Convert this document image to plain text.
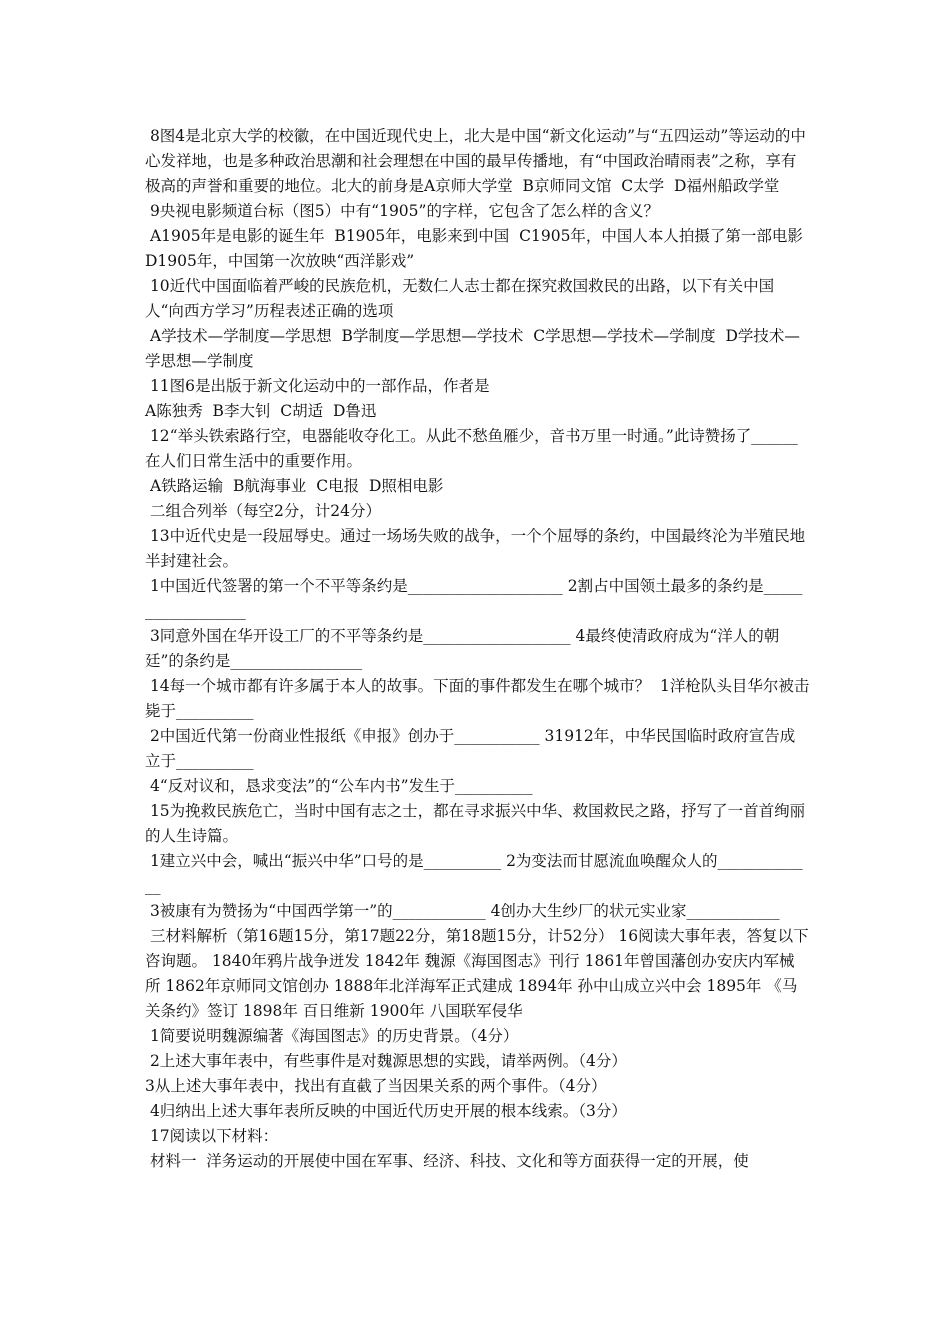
8图4是北京大学的校徽，在中国近现代史上，北大是中国“新文化运动”与“五四运动”等运动的中心发祥地，也是多种政治思潮和社会理想在中国的最早传播地，有“中国政治晴雨表”之称，享有极高的声誉和重要的地位。北大的前身是A京师大学堂  B京师同文馆  C太学  D福州船政学堂

9央视电影频道台标（图5）中有“1905”的字样，它包含了怎么样的含义？

A1905年是电影的诞生年  B1905年，电影来到中国  C1905年，中国人本人拍摄了第一部电影  D1905年，中国第一次放映“西洋影戏”

10近代中国面临着严峻的民族危机，无数仁人志士都在探究救国救民的出路，以下有关中国人“向西方学习”历程表述正确的选项

A学技术—学制度—学思想  B学制度—学思想—学技术  C学思想—学技术—学制度  D学技术—学思想—学制度

11图6是出版于新文化运动中的一部作品，作者是

A陈独秀  B李大钊  C胡适  D鲁迅

12“举头铁索路行空，电器能收夺化工。从此不愁鱼雁少，音书万里一时通。”此诗赞扬了______在人们日常生活中的重要作用。

A铁路运输  B航海事业  C电报  D照相电影

二组合列举（每空2分，计24分）

13中近代史是一段屈辱史。通过一场场失败的战争，一个个屈辱的条约，中国最终沦为半殖民地半封建社会。

1中国近代签署的第一个不平等条约是____________________ 2割占中国领土最多的条约是__________________

3同意外国在华开设工厂的不平等条约是___________________ 4最终使清政府成为“洋人的朝廷”的条约是_________________

14每一个城市都有许多属于本人的故事。下面的事件都发生在哪个城市？  1洋枪队头目华尔被击毙于__________

2中国近代第一份商业性报纸《申报》创办于___________ 31912年，中华民国临时政府宣告成立于__________

4“反对议和，恳求变法”的“公车内书”发生于__________

15为挽救民族危亡，当时中国有志之士，都在寻求振兴中华、救国救民之路，抒写了一首首绚丽的人生诗篇。

1建立兴中会，喊出“振兴中华”口号的是__________ 2为变法而甘愿流血唤醒众人的_____________

3被康有为赞扬为“中国西学第一”的____________ 4创办大生纱厂的状元实业家____________

三材料解析（第16题15分，第17题22分，第18题15分，计52分） 16阅读大事年表，答复以下咨询题。 1840年鸦片战争迸发 1842年 魏源《海国图志》刊行 1861年曾国藩创办安庆内军械所 1862年京师同文馆创办 1888年北洋海军正式建成 1894年 孙中山成立兴中会 1895年 《马关条约》签订 1898年 百日维新 1900年 八国联军侵华

1简要说明魏源编著《海国图志》的历史背景。（4分）

2上述大事年表中，有些事件是对魏源思想的实践，请举两例。（4分）

3从上述大事年表中，找出有直截了当因果关系的两个事件。（4分）

4归纳出上述大事年表所反映的中国近代历史开展的根本线索。（3分）

17阅读以下材料：

材料一  洋务运动的开展使中国在军事、经济、科技、文化和等方面获得一定的开展，使
